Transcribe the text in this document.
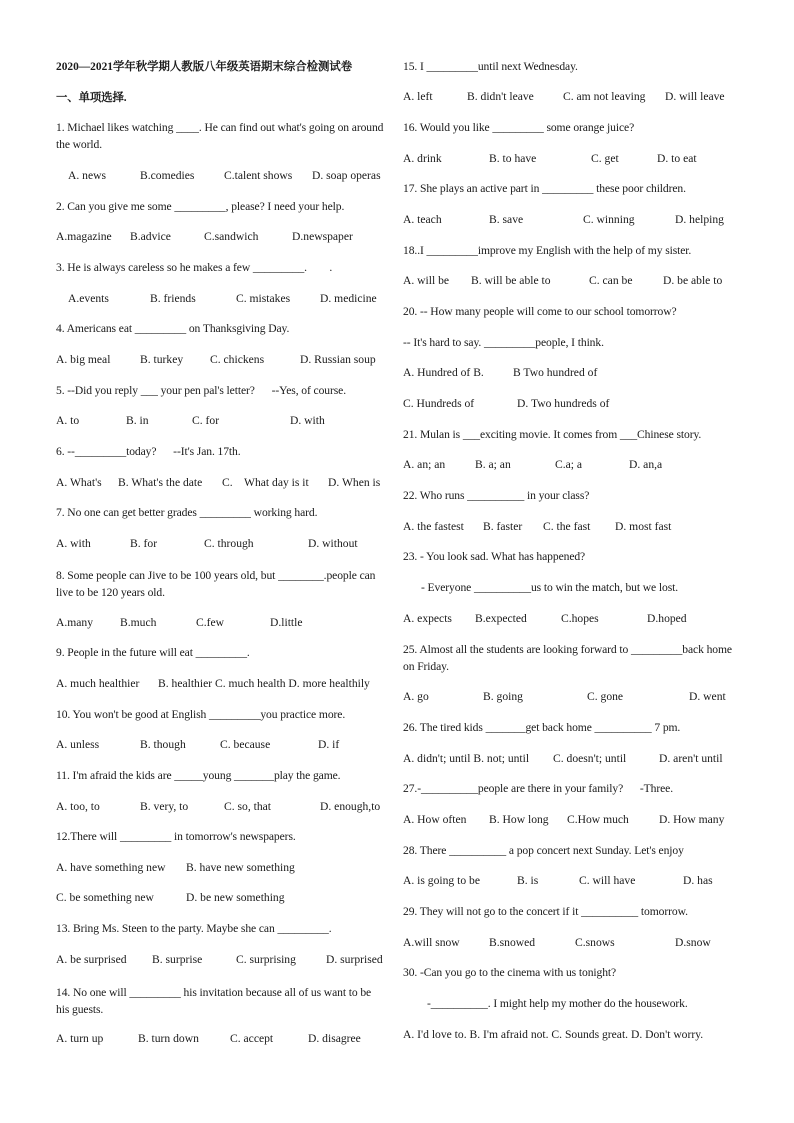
2020—2021学年秋学期人教版八年级英语期末综合检测试卷
一、单项选择.
1. Michael likes watching ____. He can find out what's going on around the world.
A. news	B.comedies	C.talent shows D. soap operas
2. Can you give me some _________, please? I need your help.
A.magazine B.advice	C.sandwich	D.newspaper
3. He is always careless so he makes a few _________.        .
A.events	B. friends	C. mistakes	D. medicine
4. Americans eat _________ on Thanksgiving Day.
A. big meal	B. turkey C. chickens	D. Russian soup
5. --Did you reply ___ your pen pal's letter?      --Yes, of course.
A. to	B. in	C. for	D. with
6. --_________today?      --It's Jan. 17th.
A. What's B. What's the date C.    What day is it D. When is
7. No one can get better grades _________ working hard.
A. with	B. for	C. through	D. without
8. Some people can Jive to be 100 years old, but ________.people can live to be 120 years old.
A.many B.much	C.few	D.little
9. People in the future will eat _________.
A. much healthier B. healthier C. much health D. more healthily
10. You won't be good at English _________you practice more.
A. unless	B. though	C. because	D. if
11. I'm afraid the kids are _____young _______play the game.
A. too, to	B. very, to	C. so, that	D. enough,to
12.There will _________ in tomorrow's newspapers.
A. have something new B. have new something
C. be something new	D. be new something
13. Bring Ms. Steen to the party. Maybe she can _________.
A. be surprised B. surprise	C. surprising	D. surprised
14. No one will _________ his invitation because all of us want to be his guests.
A. turn up	B. turn down	C. accept	D. disagree
15. I _________until next Wednesday.
A. left	B. didn't leave	C. am not leaving D. will leave
16. Would you like _________ some orange juice?
A. drink	B. to have	C. get	D. to eat
17. She plays an active part in _________ these poor children.
A. teach	B. save	C. winning	D. helping
18..I _________improve my English with the help of my sister.
A. will be B. will be able to	C. can be	D. be able to
20. -- How many people will come to our school tomorrow?
-- It's hard to say. _________people, I think.
A. Hundred of B.	B Two hundred of
C. Hundreds of	D. Two hundreds of
21. Mulan is ___exciting movie. It comes from ___Chinese story.
A. an; an	B. a; an	C.a; a	D. an,a
22. Who runs __________ in your class?
A. the fastest B. faster C. the fast D. most fast
23. - You look sad. What has happened?
- Everyone __________us to win the match, but we lost.
A. expects B.expected	C.hopes	D.hoped
25. Almost all the students are looking forward to _________back home on Friday.
A. go	B. going	C. gone	D. went
26. The tired kids _______get back home __________ 7 pm.
A. didn't; until B. not; until C. doesn't; until	D. aren't until
27.-__________people are there in your family?      -Three.
A. How often B. How long C.How much	D. How many
28. There __________ a pop concert next Sunday. Let's enjoy
A. is going to be	B. is	C. will have	D. has
29. They will not go to the concert if it __________ tomorrow.
A.will snow	B.snowed	C.snows	D.snow
30. -Can you go to the cinema with us tonight?
-__________. I might help my mother do the housework.
A. I'd love to. B. I'm afraid not. C. Sounds great. D. Don't worry.
